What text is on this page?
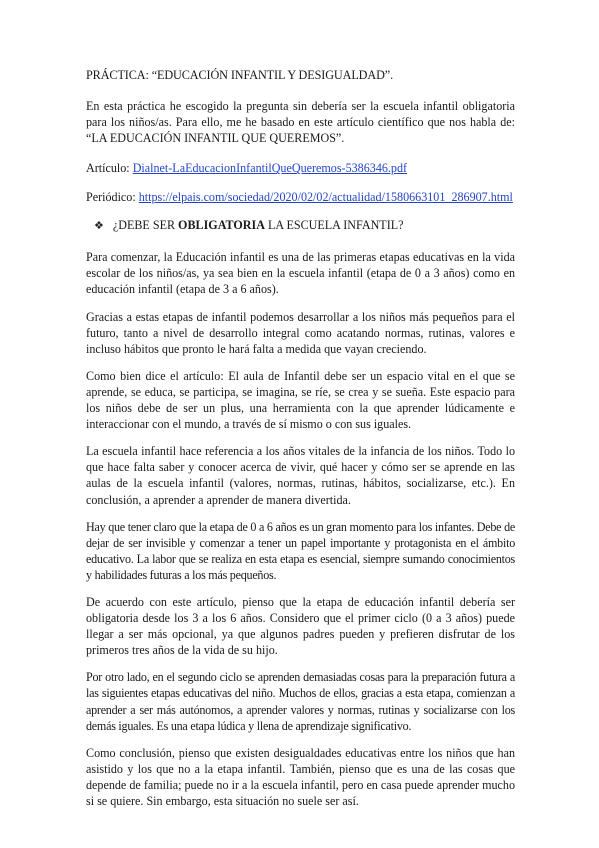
PRÁCTICA: “EDUCACIÓN INFANTIL Y DESIGUALDAD”.

En esta práctica he escogido la pregunta sin debería ser la escuela infantil obligatoria para los niños/as. Para ello, me he basado en este artículo científico que nos habla de: “LA EDUCACIÓN INFANTIL QUE QUEREMOS”.

Artículo: Dialnet-LaEducacionInfantilQueQueremos-5386346.pdf
Periódico: https://elpais.com/sociedad/2020/02/02/actualidad/1580663101_286907.html
❖ ¿DEBE SER OBLIGATORIA LA ESCUELA INFANTIL?

Para comenzar, la Educación infantil es una de las primeras etapas educativas en la vida escolar de los niños/as, ya sea bien en la escuela infantil (etapa de 0 a 3 años) como en educación infantil (etapa de 3 a 6 años).

Gracias a estas etapas de infantil podemos desarrollar a los niños más pequeños para el futuro, tanto a nivel de desarrollo integral como acatando normas, rutinas, valores e incluso hábitos que pronto le hará falta a medida que vayan creciendo.

Como bien dice el artículo: El aula de Infantil debe ser un espacio vital en el que se aprende, se educa, se participa, se imagina, se ríe, se crea y se sueña. Este espacio para los niños debe de ser un plus, una herramienta con la que aprender lúdicamente e interaccionar con el mundo, a través de sí mismo o con sus iguales.

La escuela infantil hace referencia a los años vitales de la infancia de los niños. Todo lo que hace falta saber y conocer acerca de vivir, qué hacer y cómo ser se aprende en las aulas de la escuela infantil (valores, normas, rutinas, hábitos, socializarse, etc.). En conclusión, a aprender a aprender de manera divertida.

Hay que tener claro que la etapa de 0 a 6 años es un gran momento para los infantes. Debe de dejar de ser invisible y comenzar a tener un papel importante y protagonista en el ámbito educativo. La labor que se realiza en esta etapa es esencial, siempre sumando conocimientos y habilidades futuras a los más pequeños.

De acuerdo con este artículo, pienso que la etapa de educación infantil debería ser obligatoria desde los 3 a los 6 años. Considero que el primer ciclo (0 a 3 años) puede llegar a ser más opcional, ya que algunos padres pueden y prefieren disfrutar de los primeros tres años de la vida de su hijo.

Por otro lado, en el segundo ciclo se aprenden demasiadas cosas para la preparación futura a las siguientes etapas educativas del niño. Muchos de ellos, gracias a esta etapa, comienzan a aprender a ser más autónomos, a aprender valores y normas, rutinas y socializarse con los demás iguales. Es una etapa lúdica y llena de aprendizaje significativo.

Como conclusión, pienso que existen desigualdades educativas entre los niños que han asistido y los que no a la etapa infantil. También, pienso que es una de las cosas que depende de familia; puede no ir a la escuela infantil, pero en casa puede aprender mucho si se quiere. Sin embargo, esta situación no suele ser así.
